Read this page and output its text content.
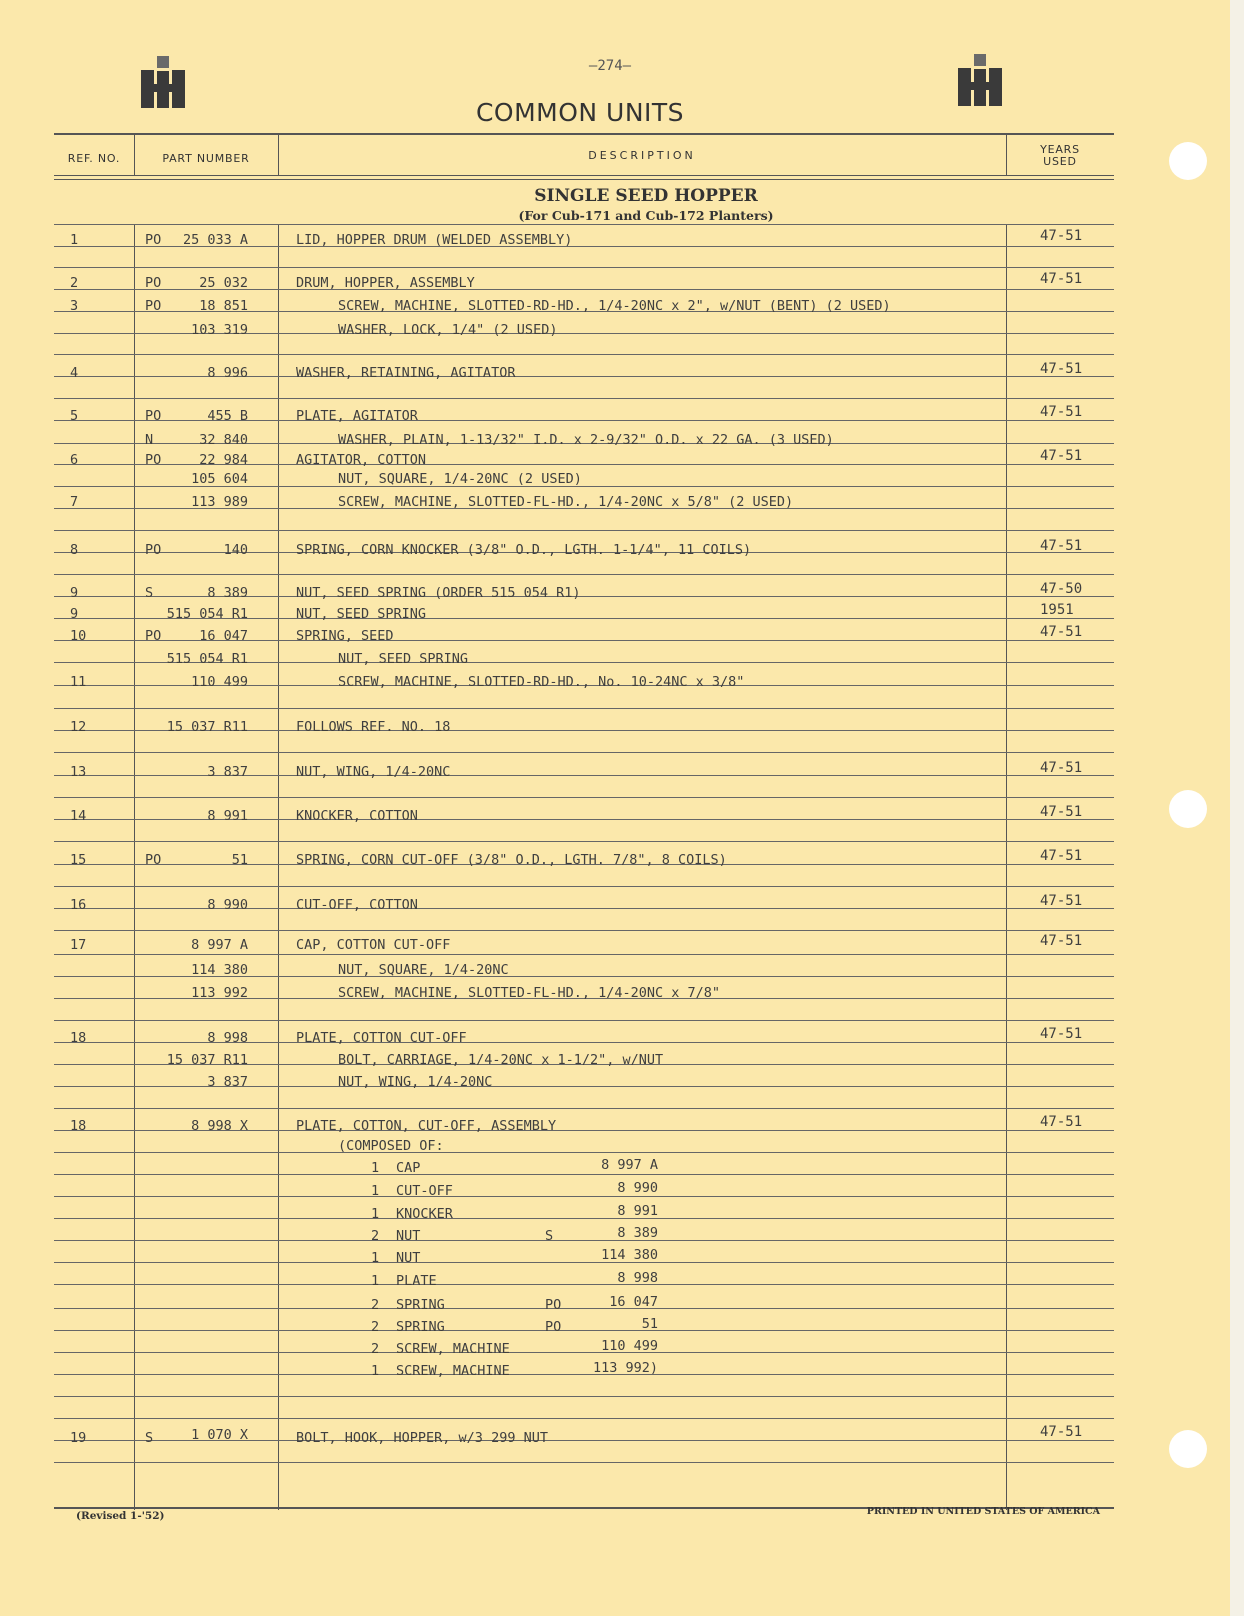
—274—
COMMON UNITS
REF. NO.	PART NUMBER	DESCRIPTION	YEARS USED
SINGLE SEED HOPPER
(For Cub-171 and Cub-172 Planters)
1	PO	25 033 A	LID, HOPPER DRUM (WELDED ASSEMBLY)	47-51
2	PO	25 032	DRUM, HOPPER, ASSEMBLY	47-51
3	PO	18 851	SCREW, MACHINE, SLOTTED-RD-HD., 1/4-20NC x 2", w/NUT (BENT) (2 USED)
103 319	WASHER, LOCK, 1/4" (2 USED)
4	8 996	WASHER, RETAINING, AGITATOR	47-51
5	PO	455 B	PLATE, AGITATOR	47-51
N	32 840	WASHER, PLAIN, 1-13/32" I.D. x 2-9/32" O.D. x 22 GA. (3 USED)
6	PO	22 984	AGITATOR, COTTON	47-51
105 604	NUT, SQUARE, 1/4-20NC (2 USED)
7	113 989	SCREW, MACHINE, SLOTTED-FL-HD., 1/4-20NC x 5/8" (2 USED)
8	PO	140	SPRING, CORN KNOCKER (3/8" O.D., LGTH. 1-1/4", 11 COILS)	47-51
9	S	8 389	NUT, SEED SPRING (ORDER 515 054 R1)	47-50
9	515 054 R1	NUT, SEED SPRING	1951
10	PO	16 047	SPRING, SEED	47-51
515 054 R1	NUT, SEED SPRING
11	110 499	SCREW, MACHINE, SLOTTED-RD-HD., No. 10-24NC x 3/8"
12	15 037 R11	FOLLOWS REF. NO. 18
13	3 837	NUT, WING, 1/4-20NC	47-51
14	8 991	KNOCKER, COTTON	47-51
15	PO	51	SPRING, CORN CUT-OFF (3/8" O.D., LGTH. 7/8", 8 COILS)	47-51
16	8 990	CUT-OFF, COTTON	47-51
17	8 997 A	CAP, COTTON CUT-OFF	47-51
114 380	NUT, SQUARE, 1/4-20NC
113 992	SCREW, MACHINE, SLOTTED-FL-HD., 1/4-20NC x 7/8"
18	8 998	PLATE, COTTON CUT-OFF	47-51
15 037 R11	BOLT, CARRIAGE, 1/4-20NC x 1-1/2", w/NUT
3 837	NUT, WING, 1/4-20NC
18	8 998 X	PLATE, COTTON, CUT-OFF, ASSEMBLY	47-51
(COMPOSED OF:
1 CAP	8 997 A
1 CUT-OFF	8 990
1 KNOCKER	8 991
2 NUT	S	8 389
1 NUT	114 380
1 PLATE	8 998
2 SPRING	PO	16 047
2 SPRING	PO	51
2 SCREW, MACHINE	110 499
1 SCREW, MACHINE	113 992)
19	S	1 070 X	BOLT, HOOK, HOPPER, w/3 299 NUT	47-51
(Revised 1-'52)	PRINTED IN UNITED STATES OF AMERICA
